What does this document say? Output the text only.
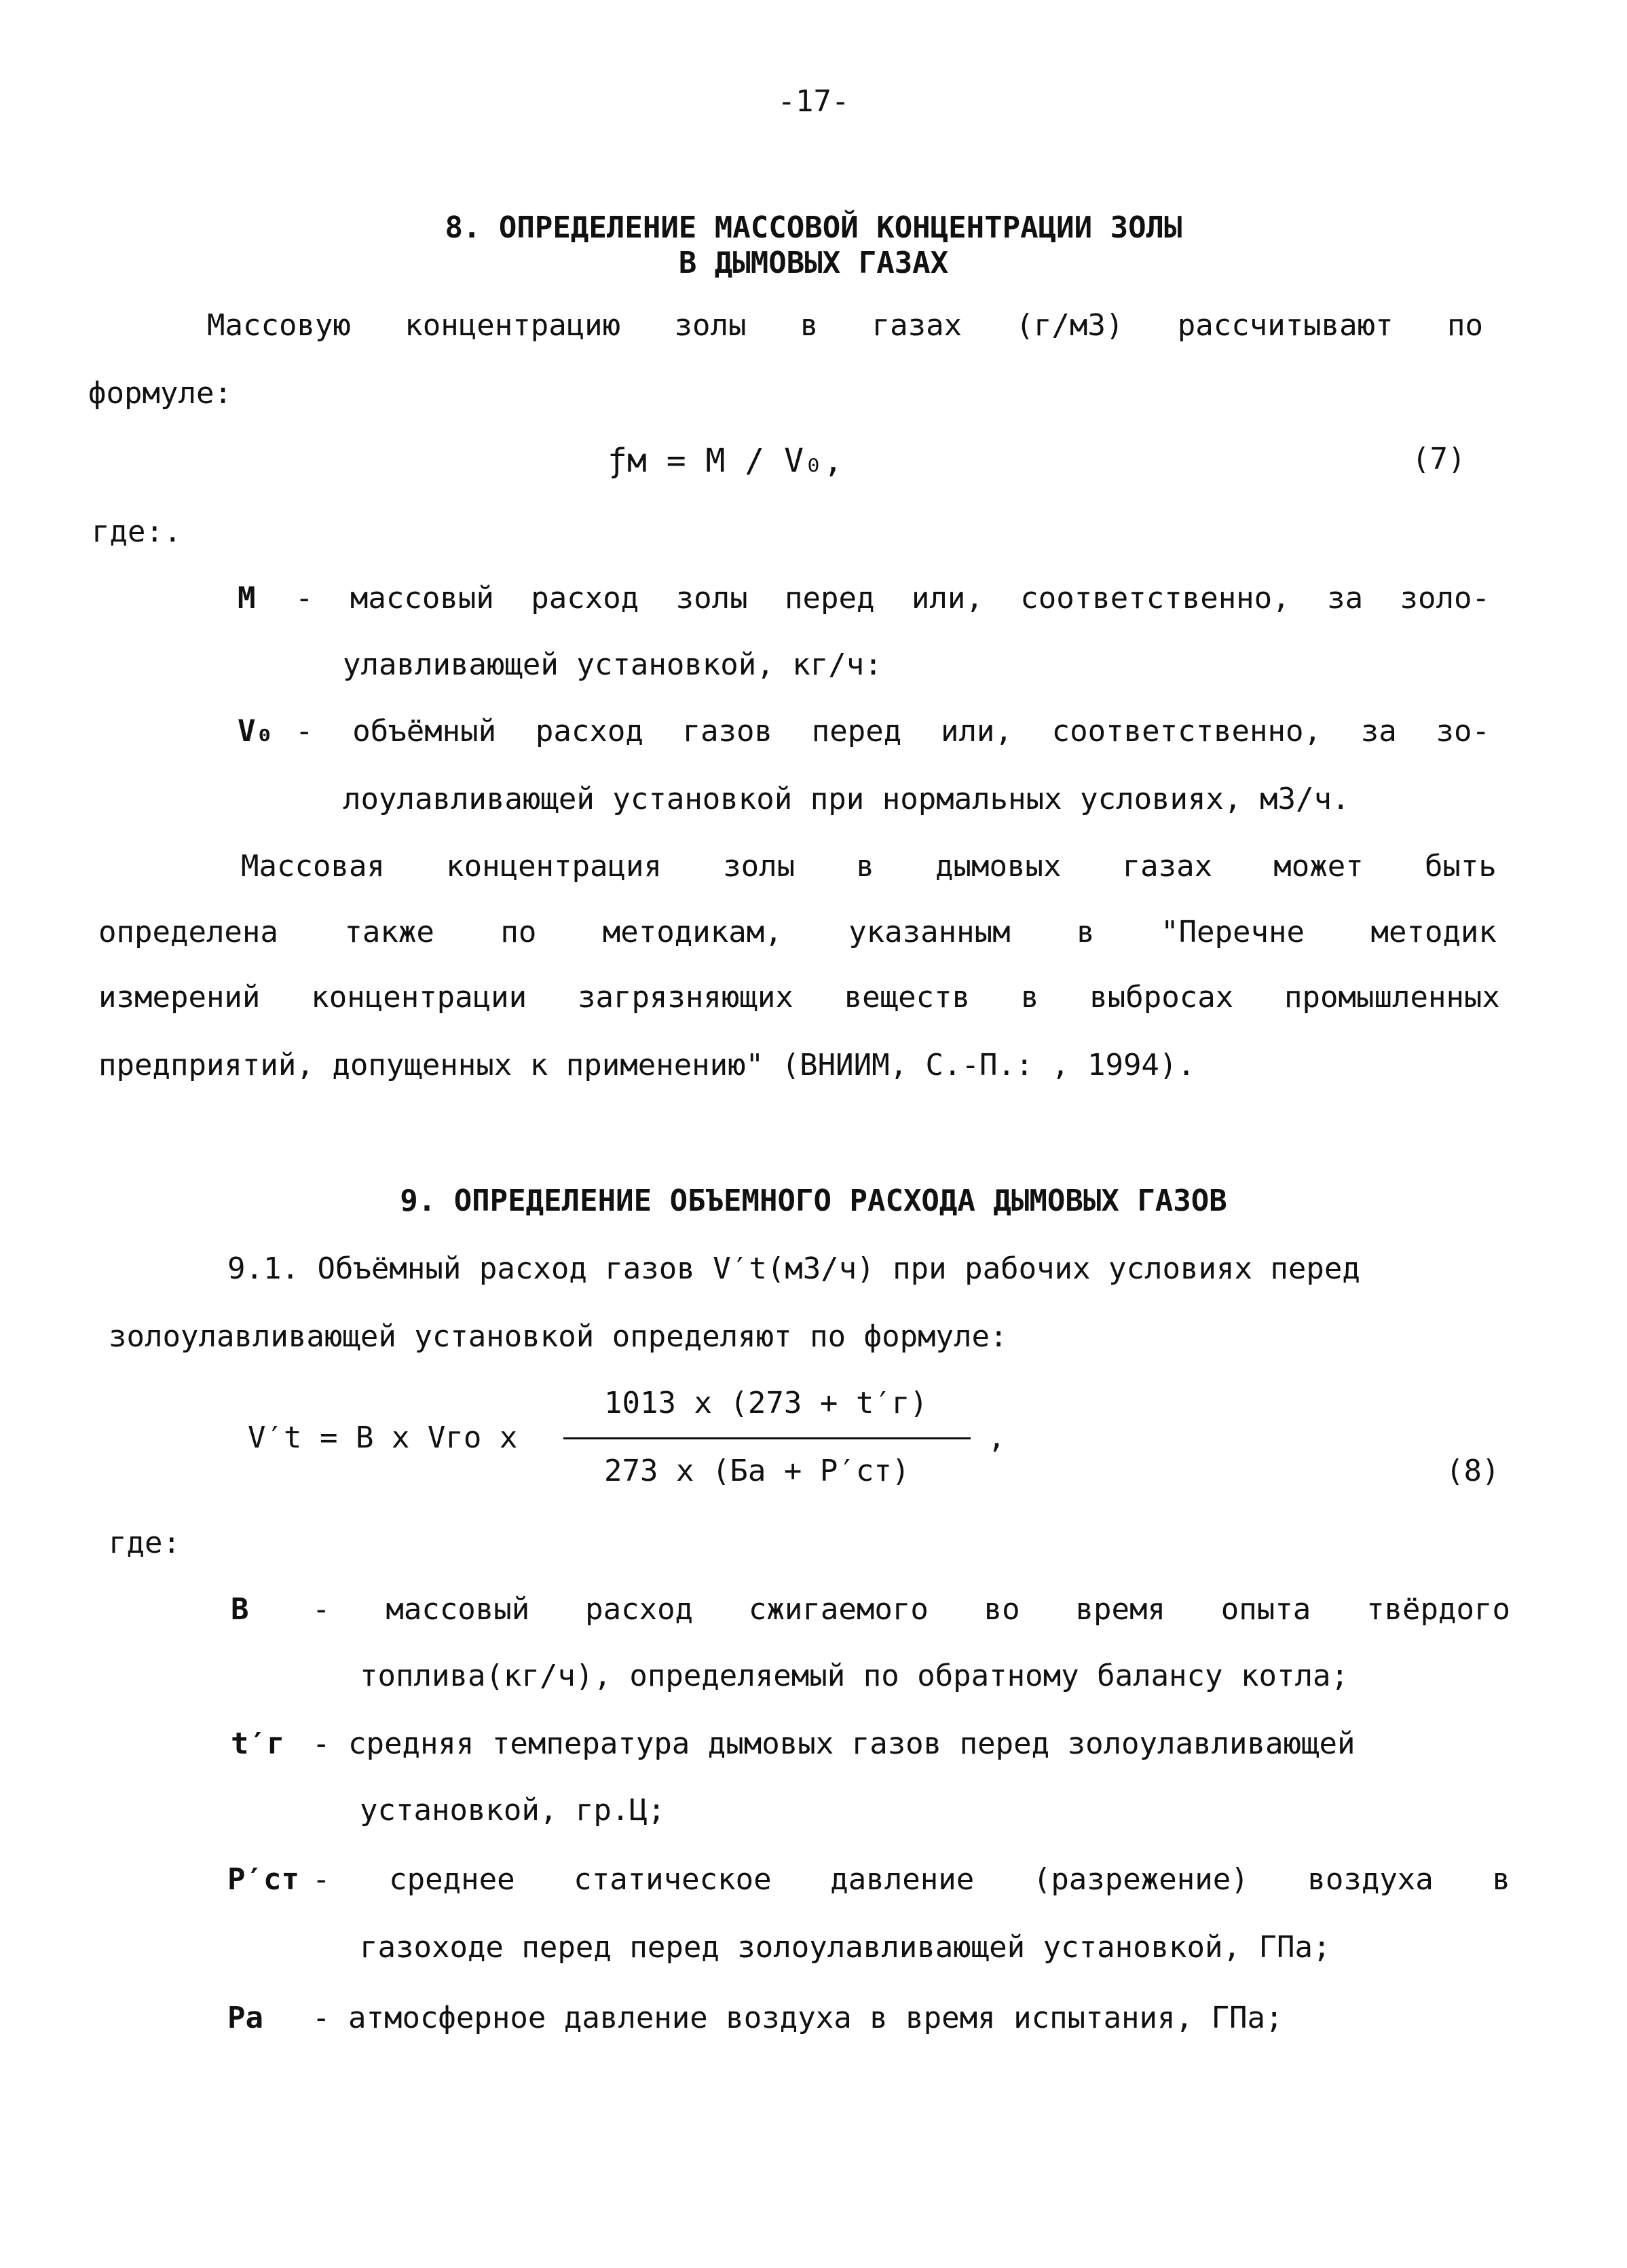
-17-
8. ОПРЕДЕЛЕНИЕ МАССОВОЙ КОНЦЕНТРАЦИИ ЗОЛЫ
В ДЫМОВЫХ ГАЗАХ
Массовую концентрацию золы в газах (г/м3) рассчитывают по
формуле:
ƒм = М / V₀,	(7)
где:.
М - массовый расход золы перед или, соответственно, за золо-
улавливающей установкой, кг/ч:
V₀ - объёмный расход газов перед или, соответственно, за зо-
лоулавливающей установкой при нормальных условиях, м3/ч.
Массовая концентрация золы в дымовых газах может быть
определена также по методикам, указанным в "Перечне методик
измерений концентрации загрязняющих веществ в выбросах промышленных
предприятий, допущенных к применению" (ВНИИМ, С.-П.: , 1994).
9. ОПРЕДЕЛЕНИЕ ОБЪЕМНОГО РАСХОДА ДЫМОВЫХ ГАЗОВ
9.1. Объёмный расход газов V′t(м3/ч) при рабочих условиях перед
золоулавливающей установкой определяют по формуле:
V′t = В х Vгo х
1013 х (273 + t′г)
273 х (Бa + P′ст)
,
(8)
где:
В - массовый расход сжигаемого во время опыта твёрдого
топлива(кг/ч), определяемый по обратному балансу котла;
t′г - средняя температура дымовых газов перед золоулавливающей
установкой, гр.Ц;
P′ст - среднее статическое давление (разрежение) воздуха в
газоходе перед перед золоулавливающей установкой, ГПа;
Pa - атмосферное давление воздуха в время испытания, ГПа;
